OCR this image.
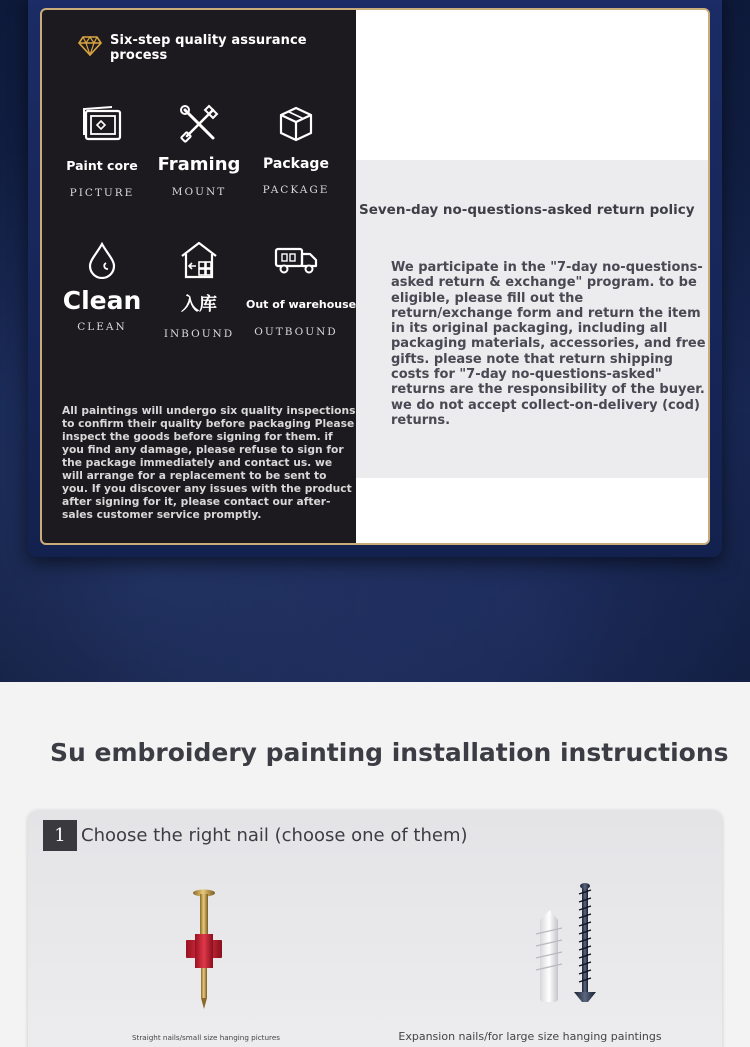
Six-step quality assurance process
Paint core
PICTURE
Framing
MOUNT
Package
PACKAGE
Clean
CLEAN
入库
INBOUND
Out of warehouse
OUTBOUND

All paintings will undergo six quality inspections to confirm their quality before packaging Please inspect the goods before signing for them. if you find any damage, please refuse to sign for the package immediately and contact us. we will arrange for a replacement to be sent to you. If you discover any issues with the product after signing for it, please contact our after-sales customer service promptly.

Seven-day no-questions-asked return policy

We participate in the "7-day no-questions-asked return & exchange" program. to be eligible, please fill out the return/exchange form and return the item in its original packaging, including all packaging materials, accessories, and free gifts. please note that return shipping costs for "7-day no-questions-asked" returns are the responsibility of the buyer. we do not accept collect-on-delivery (cod) returns.

Su embroidery painting installation instructions
1 Choose the right nail (choose one of them)
Straight nails/small size hanging pictures	Expansion nails/for large size hanging paintings
